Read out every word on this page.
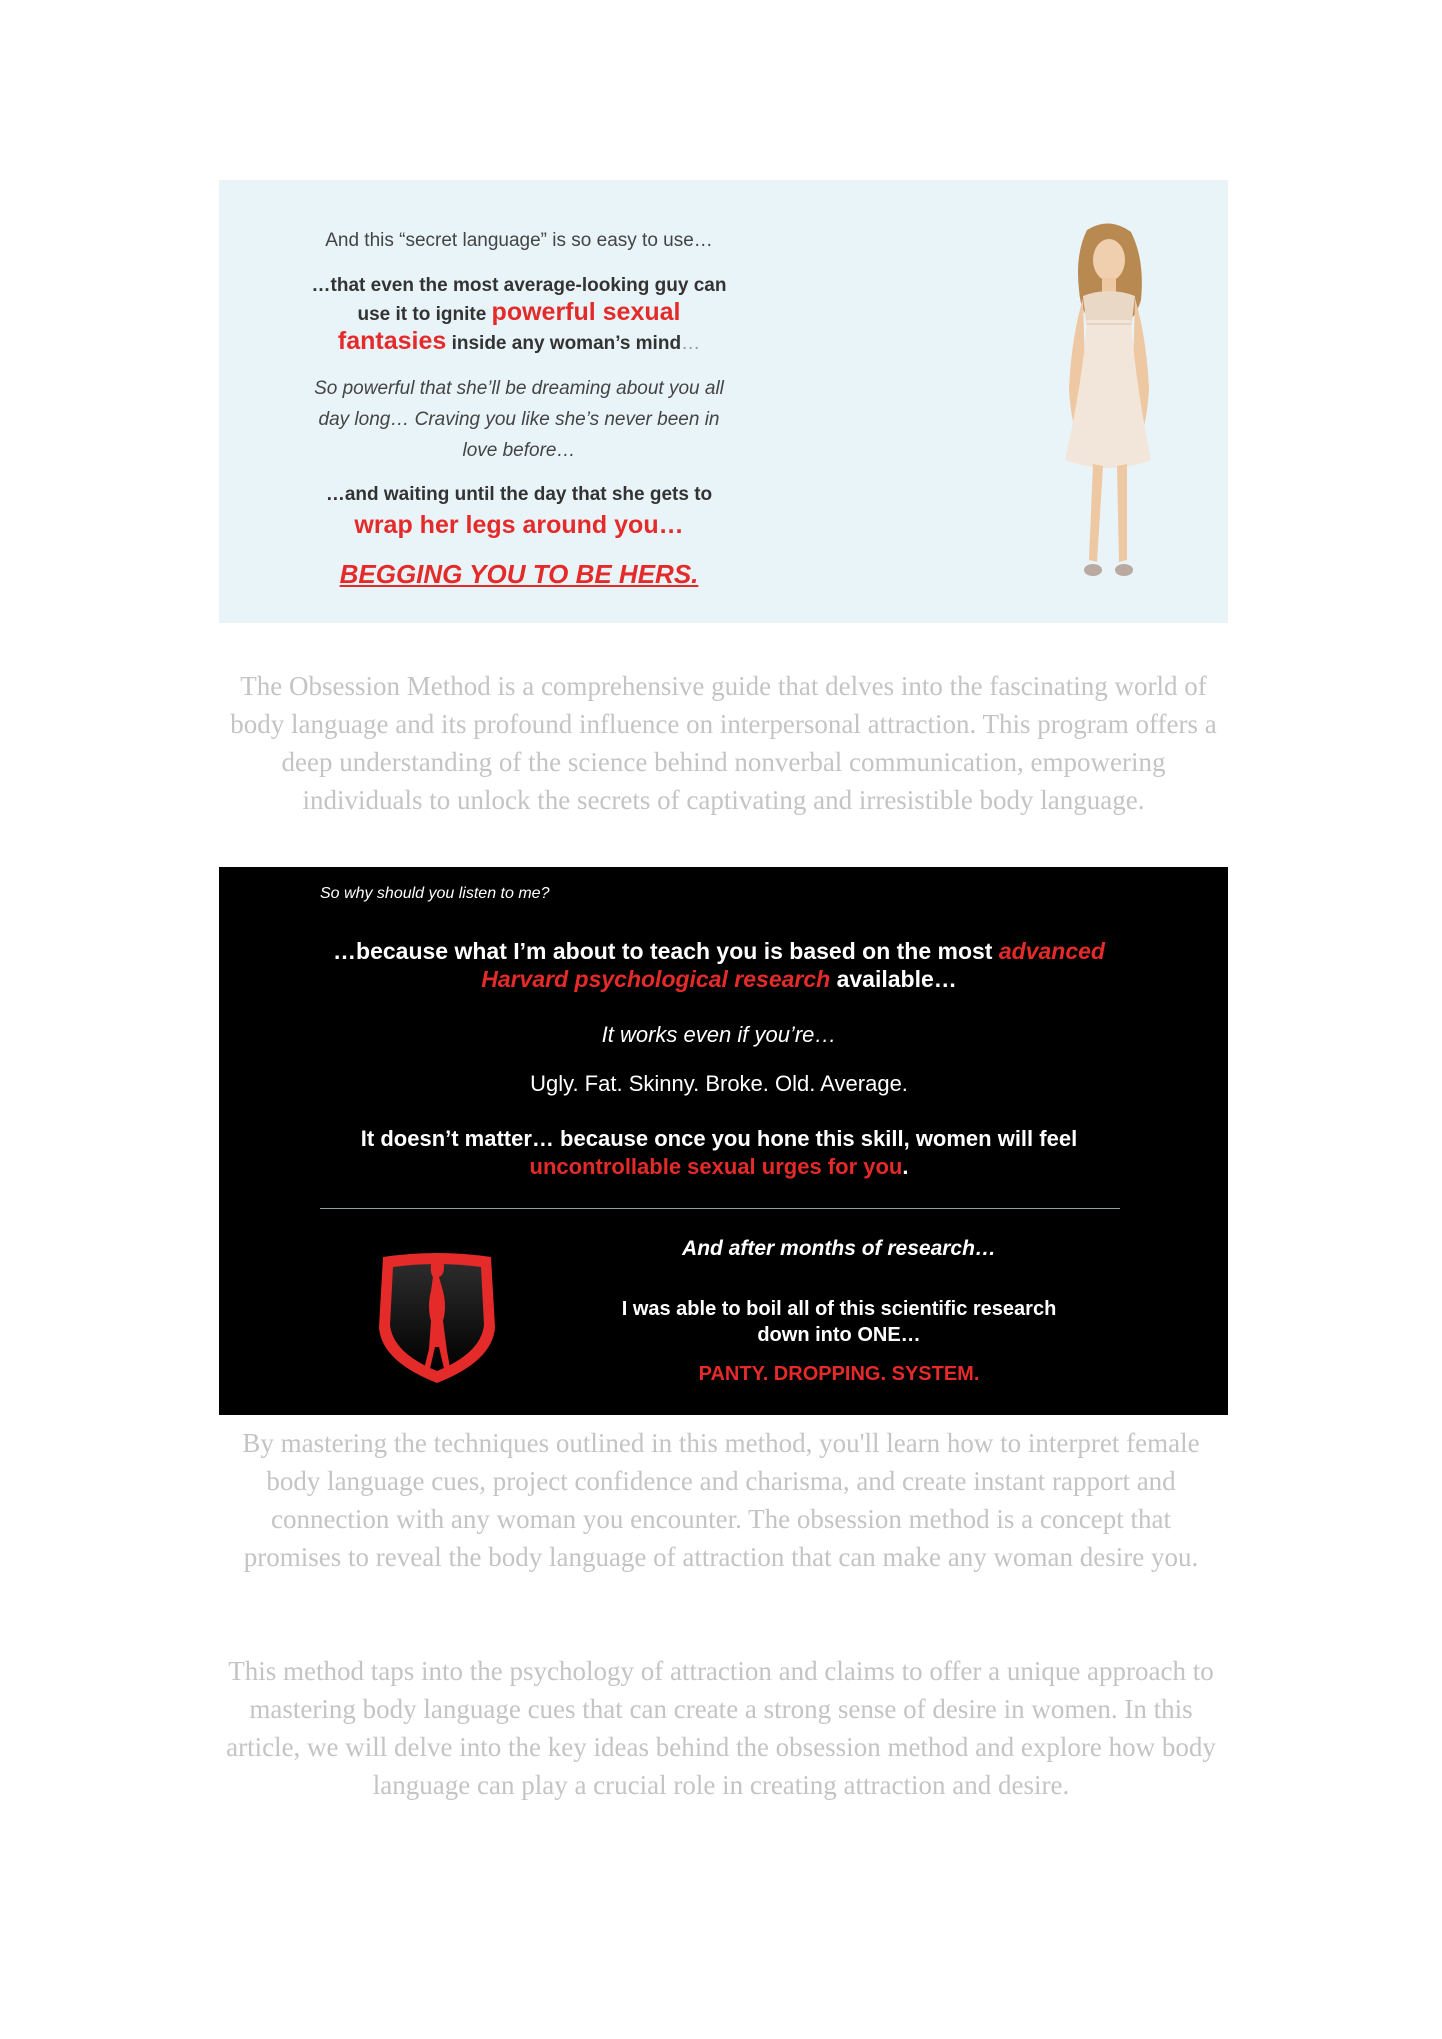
And this “secret language” is so easy to use…
…that even the most average-looking guy can use it to ignite powerful sexual fantasies inside any woman’s mind…
So powerful that she’ll be dreaming about you all day long… Craving you like she’s never been in love before…
…and waiting until the day that she gets to wrap her legs around you…
BEGGING YOU TO BE HERS.
The Obsession Method is a comprehensive guide that delves into the fascinating world of body language and its profound influence on interpersonal attraction. This program offers a deep understanding of the science behind nonverbal communication, empowering individuals to unlock the secrets of captivating and irresistible body language.
So why should you listen to me?
…because what I’m about to teach you is based on the most advanced Harvard psychological research available…
It works even if you’re…
Ugly. Fat. Skinny. Broke. Old. Average.
It doesn’t matter… because once you hone this skill, women will feel uncontrollable sexual urges for you.
And after months of research…
I was able to boil all of this scientific research down into ONE…
PANTY. DROPPING. SYSTEM.
By mastering the techniques outlined in this method, you'll learn how to interpret female body language cues, project confidence and charisma, and create instant rapport and connection with any woman you encounter. The obsession method is a concept that promises to reveal the body language of attraction that can make any woman desire you.
This method taps into the psychology of attraction and claims to offer a unique approach to mastering body language cues that can create a strong sense of desire in women. In this article, we will delve into the key ideas behind the obsession method and explore how body language can play a crucial role in creating attraction and desire.
